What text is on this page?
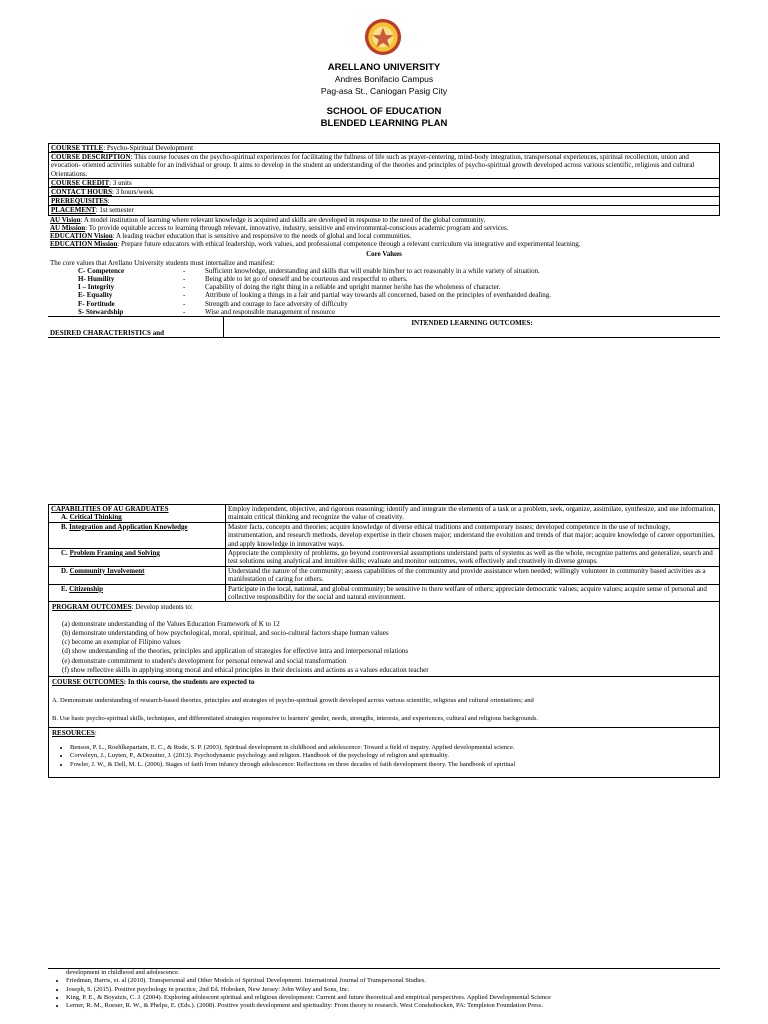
ARELLANO UNIVERSITY
Andres Bonifacio Campus
Pag-asa St., Caniogan Pasig City
SCHOOL OF EDUCATION
BLENDED LEARNING PLAN
COURSE TITLE: Psycho-Spiritual Development
COURSE DESCRIPTION: This course focuses on the psycho-spiritual experiences for facilitating the fullness of life such as prayer-centering, mind-body integration, transpersonal experiences, spiritual recollection, union and evocation- oriented activities suitable for an individual or group. It aims to develop in the student an understanding of the theories and principles of psycho-spiritual growth developed across various scientific, religious and cultural Orientations.
COURSE CREDIT: 3 units
CONTACT HOURS: 3 hours/week
PREREQUISITES:
PLACEMENT: 1st semester
AU Vision: A model institution of learning where relevant knowledge is acquired and skills are developed in response to the need of the global community.
AU Mission: To provide equitable access to learning through relevant, innovative, industry, sensitive and environmental-conscious academic program and services.
EDUCATION Vision: A leading teacher education that is sensitive and responsive to the needs of global and local communities.
EDUCATION Mission: Prepare future educators with ethical leadership, work values, and professional competence through a relevant curriculum via integrative and experimental learning.
Core Values
The core values that Arellano University students must internalize and manifest:
C- Competence	-	Sufficient knowledge, understanding and skills that will enable him/her to act reasonably in a while variety of situation.
H- Humility	-	Being able to let go of oneself and be courteous and respectful to others.
I – Integrity	-	Capability of doing the right thing in a reliable and upright manner he/she has the wholeness of character.
E- Equality	-	Attribute of looking a things in a fair and partial way towards all concerned, based on the principles of evenhanded dealing.
F- Fortitude	-	Strength and courage to face adversity of difficulty
S- Stewardship	-	Wise and responsible management of resource
DESIRED CHARACTERISTICS and
INTENDED LEARNING OUTCOMES:
CAPABILITIES OF AU GRADUATES
A. Critical Thinking	Employ independent, objective, and rigorous reasoning; identify and integrate the elements of a task or a problem, seek, organize, assimilate, synthesize, and use information, maintain critical thinking and recognize the value of creativity.

B. Integration and Application Knowledge	Master facts, concepts and theories; acquire knowledge of diverse ethical traditions and contemporary issues; developed competence in the use of technology, instrumentation, and research methods, develop expertise in their chosen major; understand the evolution and trends of that major; acquire knowledge of career opportunities, and apply knowledge in innovative ways.

C. Problem Framing and Solving	Appreciate the complexity of problems, go beyond controversial assumptions understand parts of systems as well as the whole, recognize patterns and generalize, search and test solutions using analytical and intuitive skills; evaluate and monitor outcomes, work effectively and creatively in diverse groups.

D. Community Involvement	Understand the nature of the community; assess capabilities of the community and provide assistance when needed; willingly volunteer in community based activities as a manifestation of caring for others.

E. Citizenship	Participate in the local, national, and global community; be sensitive to there welfare of others; appreciate democratic values; acquire values; acquire sense of personal and collective responsibility for the social and natural environment.
PROGRAM OUTCOMES: Develop students to:
(a) demonstrate understanding of the Values Education Framework of K to 12
(b) demonstrate understanding of how psychological, moral, spiritual, and socio-cultural factors shape human values
(c) become an exemplar of Filipino values
(d) show understanding of the theories, principles and application of strategies for effective intra and interpersonal relations
(e) demonstrate commitment to student's development for personal renewal and social transformation
(f) show reflective skills in applying strong moral and ethical principles in their decisions and actions as a values education teacher
COURSE OUTCOMES: In this course, the students are expected to
A. Demonstrate understanding of research-based theories, principles and strategies of psycho-spiritual growth developed across various scientific, religious and cultural orientations; and
B. Use basic psycho-spiritual skills, techniques, and differentiated strategies responsive to learners' gender, needs, strengths, interests, and experiences, cultural and religious backgrounds.
RESOURCES:
• Benson, P. L., Roehlkepartain, E. C., & Rude, S. P. (2003). Spiritual development in childhood and adolescence: Toward a field of inquiry. Applied developmental science.
• Corveleyn, J., Luyten, P., &Dezutter, J. (2013). Psychodynamic psychology and religion. Handbook of the psychology of religion and spirituality.
• Fowler, J. W., & Dell, M. L. (2006). Stages of faith from infancy through adolescence: Reflections on three decades of faith development theory. The handbook of spiritual
development in childhood and adolescence.
• Friedman, Harris, et. al (2010). Transpersonal and Other Models of Spiritual Development. International Journal of Transpersonal Studies.
• Joseph, S. (2015). Positive psychology in practice, 2nd Ed. Hoboken, New Jersey: John Wiley and Sons, Inc.
• King, P. E., & Boyatzis, C. J. (2004). Exploring adolescent spiritual and religious development: Current and future theoretical and empirical perspectives. Applied Developmental Science
• Lerner, R. M., Roeser, R. W., & Phelps, E. (Eds.). (2008). Positive youth development and spirituality: From theory to research. West Conshohocken, PA: Templeton Foundation Press.
